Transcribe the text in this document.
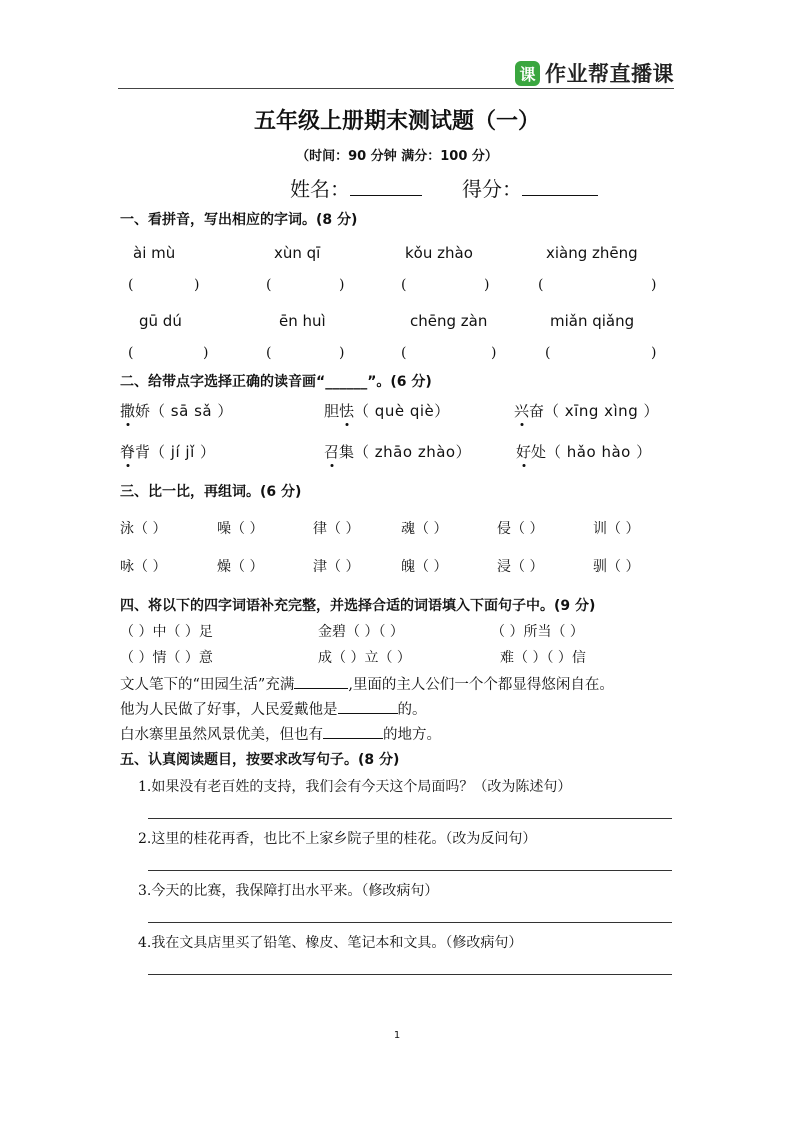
课 作业帮直播课
五年级上册期末测试题（一）
（时间：90 分钟 满分：100 分）
姓名：	得分：
一、看拼音，写出相应的字词。(8 分)
ài mù	xùn qī	kǒu zhào	xiàng zhēng
(	)	(	)	(	)	(	)
gū dú	ēn huì	chēng zàn	miǎn qiǎng
(	)	(	)	(	)	(	)
二、给带点字选择正确的读音画“______”。(6 分)
撒娇（ sā sǎ ）	胆怯（ què qiè）	兴奋（ xīng xìng ）
脊背（ jí jǐ ）	召集（ zhāo zhào）	好处（ hǎo hào ）
三、比一比，再组词。(6 分)
泳（ ）	噪（ ）	律（ ）	魂（ ）	侵（ ）	训（ ）
咏（ ）	燥（ ）	津（ ）	魄（ ）	浸（ ）	驯（ ）
四、将以下的四字词语补充完整，并选择合适的词语填入下面句子中。(9 分)
（ ）中（ ）足	金碧（ ）（ ）	（ ）所当（ ）
（ ）情（ ）意	成（ ）立（ ）	难（ ）（ ）信
文人笔下的“田园生活”充满	,里面的主人公们一个个都显得悠闲自在。
他为人民做了好事，人民爱戴他是	的。
白水寨里虽然风景优美，但也有	的地方。
五、认真阅读题目，按要求改写句子。(8 分)
1.如果没有老百姓的支持，我们会有今天这个局面吗？（改为陈述句）
2.这里的桂花再香，也比不上家乡院子里的桂花。（改为反问句）
3.今天的比赛，我保障打出水平来。（修改病句）
4.我在文具店里买了铅笔、橡皮、笔记本和文具。（修改病句）
1
